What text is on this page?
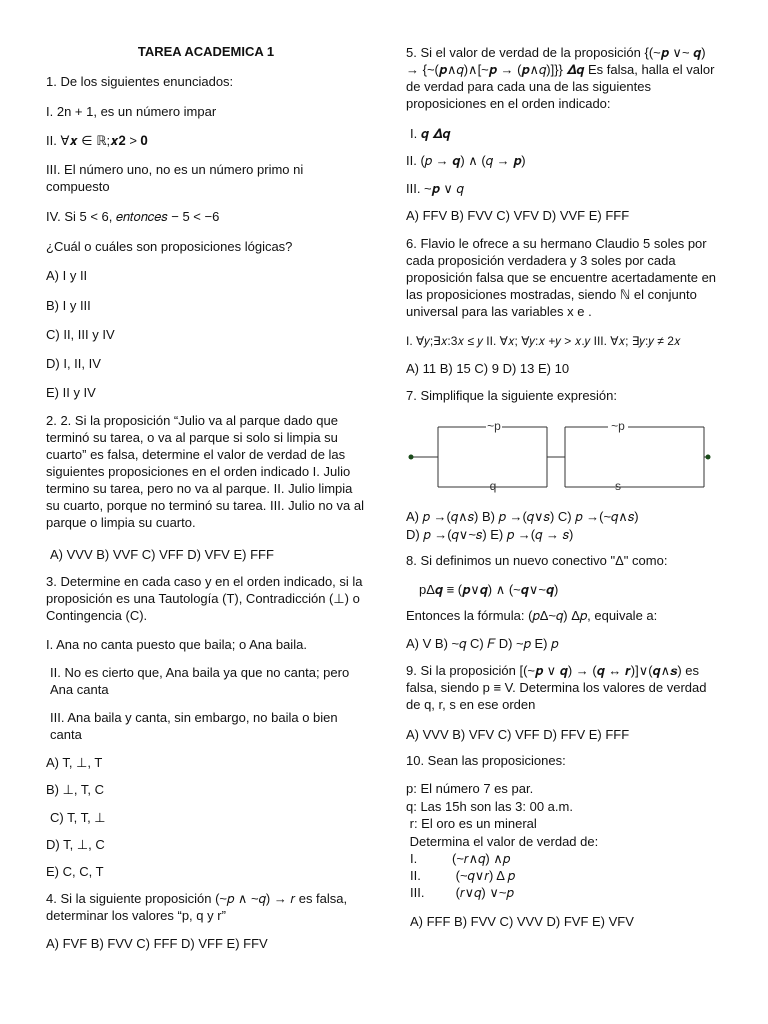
TAREA ACADEMICA 1
1. De los siguientes enunciados:
I. 2n + 1, es un número impar
II. ∀𝒙 ∈ ℝ;𝒙𝟐 > 𝟎
III. El número uno, no es un número primo ni compuesto
IV. Si 5 < 6, 𝑒𝑛𝑡𝑜𝑛𝑐𝑒𝑠 − 5 < −6
¿Cuál o cuáles son proposiciones lógicas?
A) I y II
B) I y III
C) II, III y IV
D) I, II, IV
E) II y IV
2. 2. Si la proposición “Julio va al parque dado que terminó su tarea, o va al parque si solo si limpia su cuarto” es falsa, determine el valor de verdad de las siguientes proposiciones en el orden indicado I. Julio termino su tarea, pero no va al parque. II. Julio limpia su cuarto, porque no terminó su tarea. III. Julio no va al parque o limpia su cuarto.
A) VVV B) VVF C) VFF D) VFV E) FFF
3. Determine en cada caso y en el orden indicado, si la proposición es una Tautología (T), Contradicción (⊥) o Contingencia (C).
I. Ana no canta puesto que baila; o Ana baila.
II. No es cierto que, Ana baila ya que no canta; pero Ana canta
III. Ana baila y canta, sin embargo, no baila o bien canta
A) T, ⊥, T
B) ⊥, T, C
C) T, T, ⊥
D) T, ⊥, C
E) C, C, T
4. Si la siguiente proposición (~𝑝 ∧ ~𝑞) → 𝑟 es falsa, determinar los valores “p, q y r”
A) FVF B) FVV C) FFF D) VFF E) FFV
5. Si el valor de verdad de la proposición {(~𝒑 ∨~ 𝒒) → {~(𝒑∧𝑞)∧[~𝒑 → (𝒑∧𝑞)]}} 𝜟𝒒 Es falsa, halla el valor de verdad para cada una de las siguientes proposiciones en el orden indicado:
I. 𝒒 𝜟𝒒
II. (𝑝 → 𝒒) ∧ (𝑞 → 𝒑)
III. ~𝒑 ∨ 𝑞
A) FFV B) FVV C) VFV D) VVF E) FFF
6. Flavio le ofrece a su hermano Claudio 5 soles por cada proposición verdadera y 3 soles por cada proposición falsa que se encuentre acertadamente en las proposiciones mostradas, siendo ℕ el conjunto universal para las variables x e .
I. ∀𝑦;∃𝑥:3𝑥 ≤ 𝑦 II. ∀𝑥; ∀𝑦:𝑥 +𝑦 > 𝑥.𝑦 III. ∀𝑥; ∃𝑦:𝑦 ≠ 2𝑥
A) 11 B) 15 C) 9 D) 13 E) 10
7. Simplifique la siguiente expresión:
~p
q
~p
s
A) 𝑝 →(𝑞∧𝑠) B) 𝑝 →(𝑞∨𝑠) C) 𝑝 →(~𝑞∧𝑠)
D) 𝑝 →(𝑞∨~𝑠) E) 𝑝 →(𝑞 → 𝑠)
8. Si definimos un nuevo conectivo "Δ" como:
pΔ𝒒 ≡ (𝒑∨𝒒) ∧ (~𝒒∨~𝒒)
Entonces la fórmula: (𝑝Δ~𝑞) Δ𝑝, equivale a:
A) V B) ~𝑞 C) 𝐹 D) ~𝑝 E) 𝑝
9. Si la proposición [(~𝒑 ∨ 𝒒) → (𝒒 ↔ 𝒓)]∨(𝒒∧𝒔) es falsa, siendo p ≡ V. Determina los valores de verdad de q, r, s en ese orden
A) VVV B) VFV C) VFF D) FFV E) FFF
10. Sean las proposiciones:
p: El número 7 es par.
q: Las 15h son las 3: 00 a.m.
r: El oro es un mineral
Determina el valor de verdad de:
I.	(~𝑟∧𝑞) ∧𝑝
II.	(~𝑞∨𝑟) Δ 𝑝
III.	(𝑟∨𝑞) ∨~𝑝
A) FFF B) FVV C) VVV D) FVF E) VFV
